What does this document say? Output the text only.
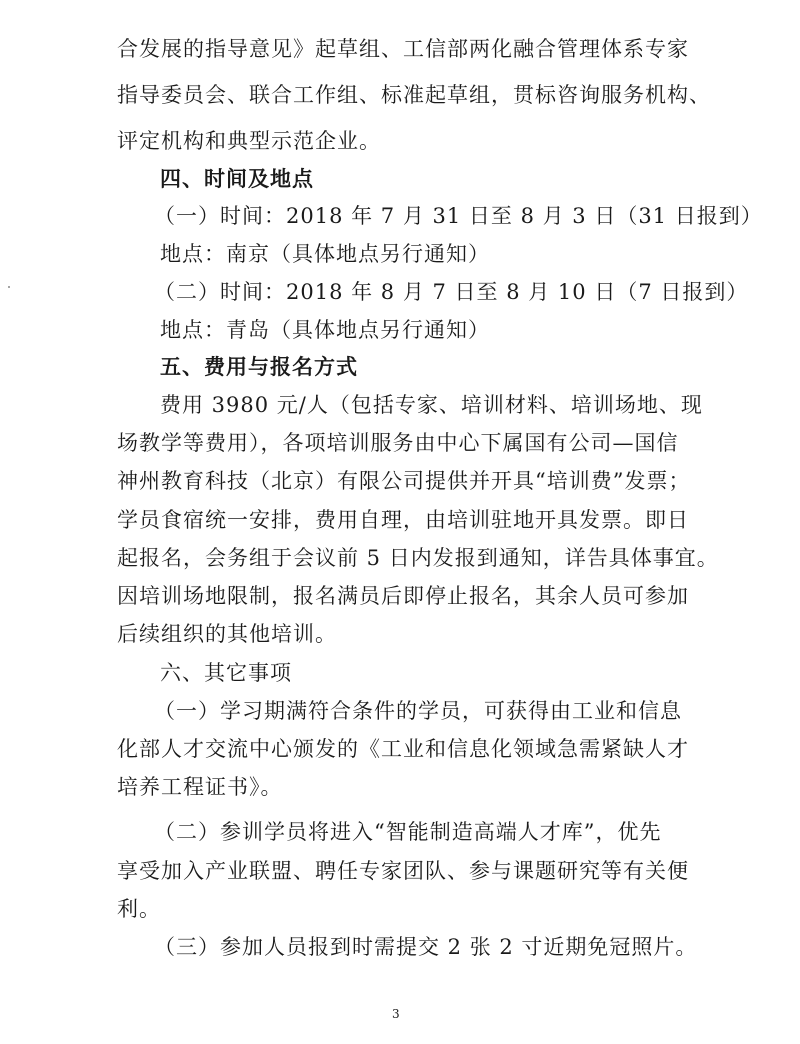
合发展的指导意见》起草组、工信部两化融合管理体系专家
指导委员会、联合工作组、标准起草组，贯标咨询服务机构、
评定机构和典型示范企业。
四、时间及地点
（一）时间：2018 年 7 月 31 日至 8 月 3 日（31 日报到）
地点：南京（具体地点另行通知）
（二）时间：2018 年 8 月 7 日至 8 月 10 日（7 日报到）
地点：青岛（具体地点另行通知）
五、费用与报名方式
费用 3980 元/人（包括专家、培训材料、培训场地、现
场教学等费用），各项培训服务由中心下属国有公司—国信
神州教育科技（北京）有限公司提供并开具“培训费”发票；
学员食宿统一安排，费用自理，由培训驻地开具发票。即日
起报名，会务组于会议前 5 日内发报到通知，详告具体事宜。
因培训场地限制，报名满员后即停止报名，其余人员可参加
后续组织的其他培训。
六、其它事项
（一）学习期满符合条件的学员，可获得由工业和信息
化部人才交流中心颁发的《工业和信息化领域急需紧缺人才
培养工程证书》。
（二）参训学员将进入“智能制造高端人才库”，优先
享受加入产业联盟、聘任专家团队、参与课题研究等有关便
利。
（三）参加人员报到时需提交 2 张 2 寸近期免冠照片。
3
